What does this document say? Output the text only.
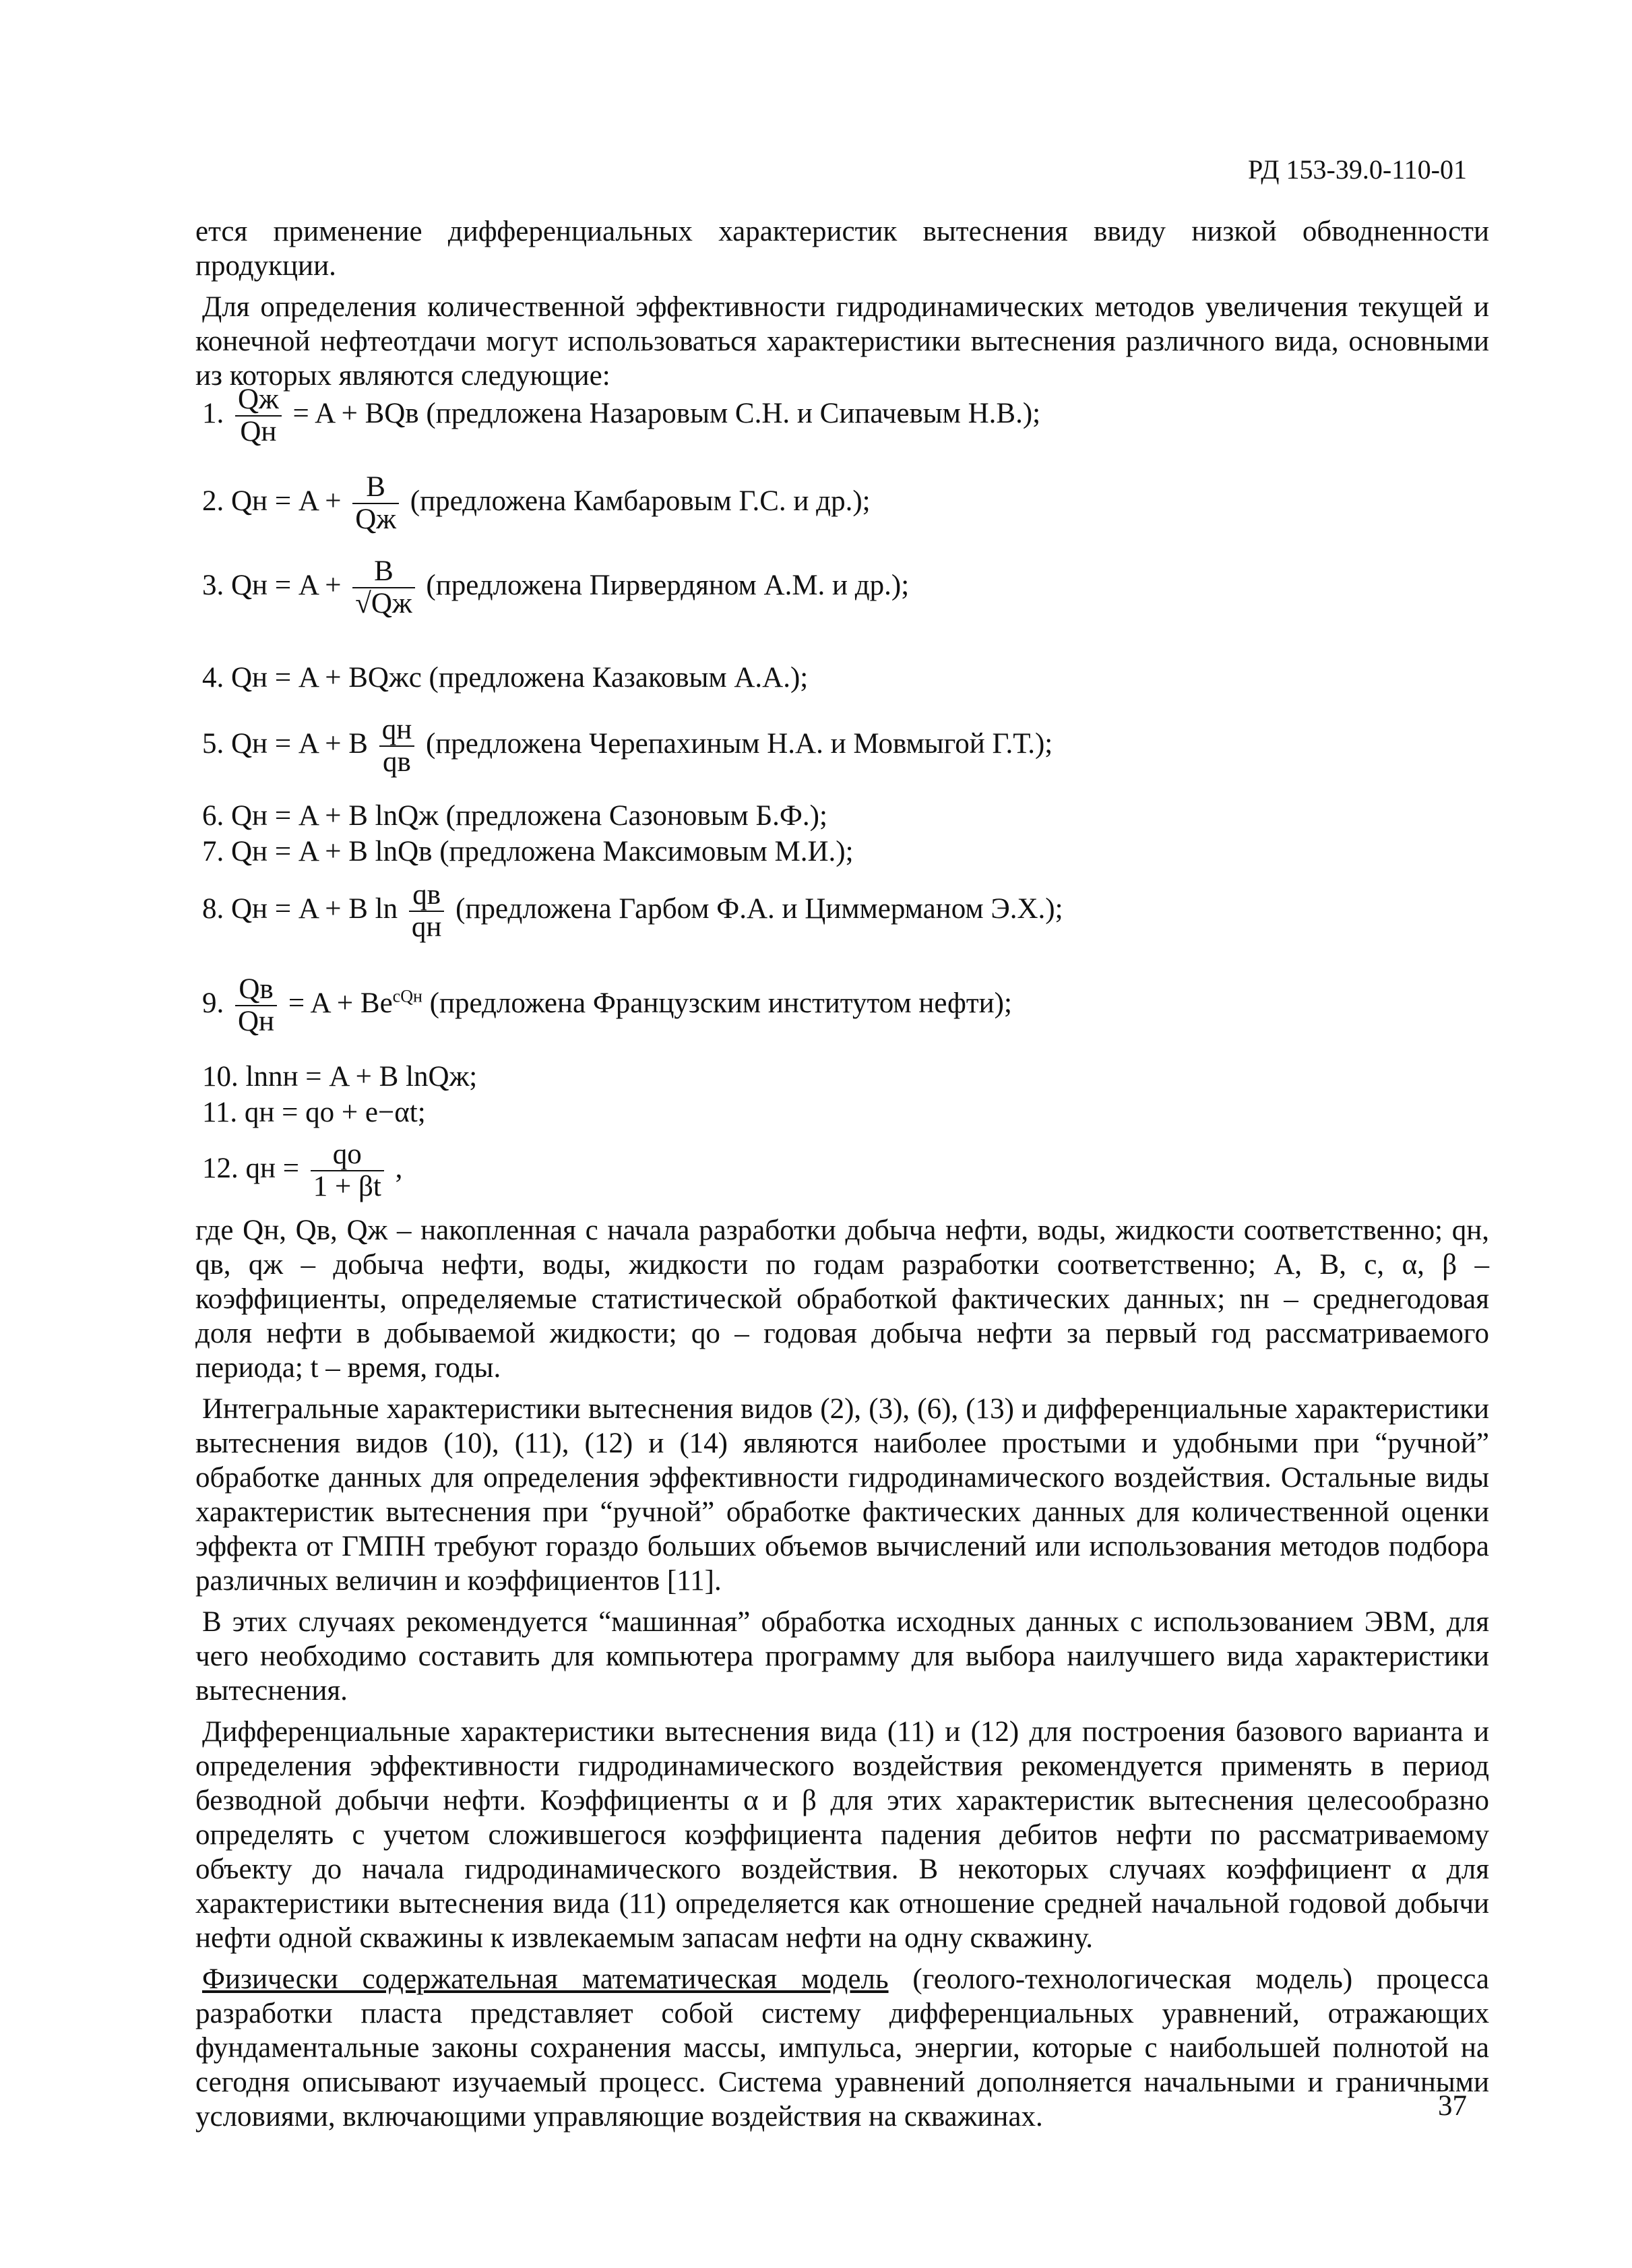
РД 153-39.0-110-01

ется применение дифференциальных характеристик вытеснения ввиду низкой обводненности продукции.

Для определения количественной эффективности гидродинамических методов увеличения текущей и конечной нефтеотдачи могут использоваться характеристики вытеснения различного вида, основными из которых являются следующие:

1. $\frac{Qж}{Qн} = A$ + BQв (предложена Назаровым С.Н. и Сипачевым Н.В.);
2. Qн = $A + \frac{B}{Qж}$ (предложена Камбаровым Г.С. и др.);
3. Qн = $A + \frac{B}{√Qж}$ (предложена Пирвердяном А.М. и др.);
4. Qн = A + BQжc (предложена Казаковым А.А.);
5. Qн = A + B $\frac{qн}{qв}$ (предложена Черепахиным Н.А. и Мовмыгой Г.Т.);
6. Qн = A + B lnQж (предложена Сазоновым Б.Ф.);
7. Qн = A + B lnQв (предложена Максимовым М.И.);
8. Qн = A + B $\ln \frac{qв}{qн}$ (предложена Гарбом Ф.А. и Циммерманом Э.Х.);
9. $\frac{Qв}{Qн} = A + Be^{cQн}$ (предложена Французским институтом нефти);
10. lnnн = A + B lnQж;
11. qн = qо + e−αt;
12. qн = $\frac{qо}{1 + \beta t}$ ,

где Qн, Qв, Qж – накопленная с начала разработки добыча нефти, воды, жидкости соответственно; qн, qв, qж – добыча нефти, воды, жидкости по годам разработки соответственно; A, B, c, α, β – коэффициенты, определяемые статистической обработкой фактических данных; nн – среднегодовая доля нефти в добываемой жидкости; qо – годовая добыча нефти за первый год рассматриваемого периода; t – время, годы.

Интегральные характеристики вытеснения видов (2), (3), (6), (13) и дифференциальные характеристики вытеснения видов (10), (11), (12) и (14) являются наиболее простыми и удобными при “ручной” обработке данных для определения эффективности гидродинамического воздействия. Остальные виды характеристик вытеснения при “ручной” обработке фактических данных для количественной оценки эффекта от ГМПН требуют гораздо больших объемов вычислений или использования методов подбора различных величин и коэффициентов [11].

В этих случаях рекомендуется “машинная” обработка исходных данных с использованием ЭВМ, для чего необходимо составить для компьютера программу для выбора наилучшего вида характеристики вытеснения.

Дифференциальные характеристики вытеснения вида (11) и (12) для построения базового варианта и определения эффективности гидродинамического воздействия рекомендуется применять в период безводной добычи нефти. Коэффициенты α и β для этих характеристик вытеснения целесообразно определять с учетом сложившегося коэффициента падения дебитов нефти по рассматриваемому объекту до начала гидродинамического воздействия. В некоторых случаях коэффициент α для характеристики вытеснения вида (11) определяется как отношение средней начальной годовой добычи нефти одной скважины к извлекаемым запасам нефти на одну скважину.

Физически содержательная математическая модель (геолого-технологическая модель) процесса разработки пласта представляет собой систему дифференциальных уравнений, отражающих фундаментальные законы сохранения массы, импульса, энергии, которые с наибольшей полнотой на сегодня описывают изучаемый процесс. Система уравнений дополняется начальными и граничными условиями, включающими управляющие воздействия на скважинах.	37
